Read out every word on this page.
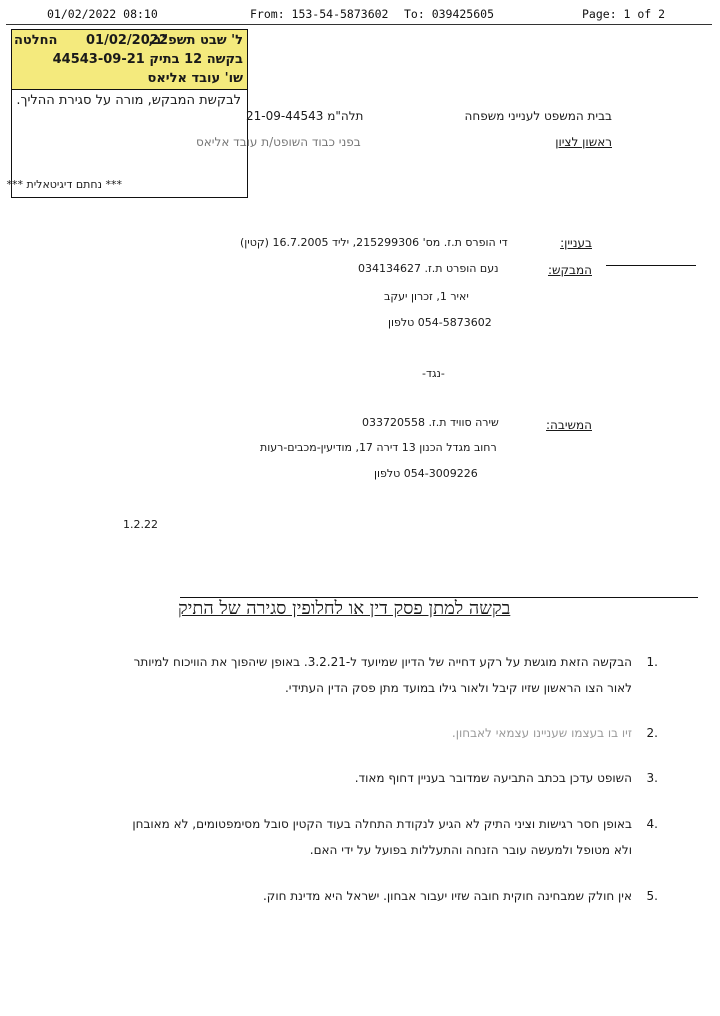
01/02/2022 08:10	From: 153-54-5873602 To: 039425605	Page: 1 of 2
החלטה 01/02/2022
ל' שבט תשפ"ב,
בקשה 12 בתיק 44543-09-21
שו' עובד אליאס
לבקשת המבקש, מורה על סגירת ההליך.
*** נחתם דיגיטאלית ***
בבית המשפט לענייני משפחה
תלה"מ 21-09-44543
ראשון לציון
בפני כבוד השופט/ת עובד אליאס
בעניין:
די הופרס ת.ז. מס' 215299306, יליד 16.7.2005 (קטין)
המבקש:
נעם הופרט ת.ז. 034134627
יאיר 1, זכרון יעקב
054-5873602 טלפון
-נגד-
המשיבה:
שירה סוויד ת.ז. 033720558
רחוב מגדל הכנון 13 דירה 17, מודיעין-מכבים-רעות
054-3009226 טלפון
1.2.22
בקשה למתן פסק דין או לחלופין סגירה של התיק
.1
הבקשה הזאת מוגשת על רקע דחייה של הדיון שמיועד ל-3.2.21. באופן שיהפוך את הוויכוח למיותר לאור הצו הראשון שזיו קיבל ולאור גילו במועד מתן פסק הדין העתידי.
.2
זיו בו בעצמו שעניינו עצמאי לאבחון.
.3
השופט עדכן בכתב התביעה שמדובר בעניין דחוף מאוד.
.4
באופן חסר רגישות וציני התיק לא הגיע לנקודת התחלה בעוד הקטין סובל מסימפטומים, לא מאובחן ולא מטופל ולמעשה עובר הזנחה והתעללות בפועל על ידי האם.
.5
אין חולק שמבחינה חוקית חובה שזיו יעבור אבחון. ישראל היא מדינת חוק.
